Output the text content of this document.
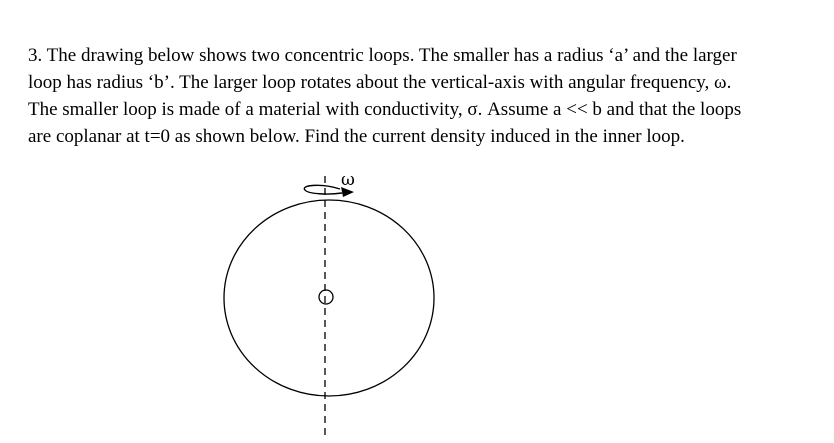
3. The drawing below shows two concentric loops. The smaller has a radius ‘a’ and the larger
loop has radius ‘b’. The larger loop rotates about the vertical-axis with angular frequency, ω.
The smaller loop is made of a material with conductivity, σ. Assume a << b and that the loops
are coplanar at t=0 as shown below. Find the current density induced in the inner loop.
ω
